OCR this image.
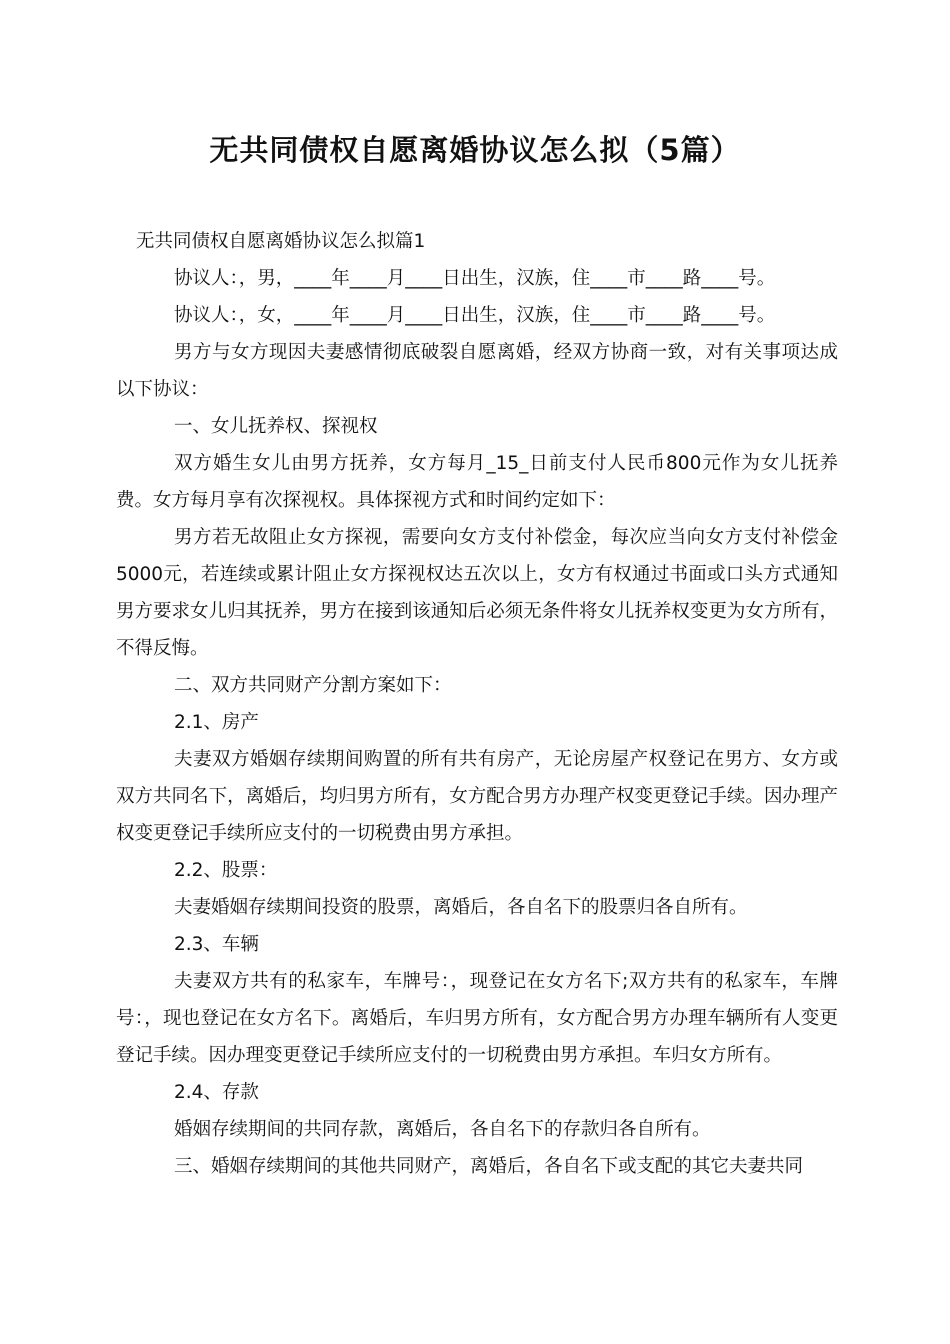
无共同债权自愿离婚协议怎么拟（5篇）

无共同债权自愿离婚协议怎么拟篇1

协议人：，男，____年____月____日出生，汉族，住____市____路____号。

协议人：，女，____年____月____日出生，汉族，住____市____路____号。

男方与女方现因夫妻感情彻底破裂自愿离婚，经双方协商一致，对有关事项达成以下协议：

一、女儿抚养权、探视权

双方婚生女儿由男方抚养，女方每月_15_日前支付人民币800元作为女儿抚养费。女方每月享有次探视权。具体探视方式和时间约定如下：

男方若无故阻止女方探视，需要向女方支付补偿金，每次应当向女方支付补偿金5000元，若连续或累计阻止女方探视权达五次以上，女方有权通过书面或口头方式通知男方要求女儿归其抚养，男方在接到该通知后必须无条件将女儿抚养权变更为女方所有，不得反悔。

二、双方共同财产分割方案如下：

2.1、房产

夫妻双方婚姻存续期间购置的所有共有房产，无论房屋产权登记在男方、女方或双方共同名下，离婚后，均归男方所有，女方配合男方办理产权变更登记手续。因办理产权变更登记手续所应支付的一切税费由男方承担。

2.2、股票：

夫妻婚姻存续期间投资的股票，离婚后，各自名下的股票归各自所有。

2.3、车辆

夫妻双方共有的私家车，车牌号：，现登记在女方名下;双方共有的私家车，车牌号：，现也登记在女方名下。离婚后，车归男方所有，女方配合男方办理车辆所有人变更登记手续。因办理变更登记手续所应支付的一切税费由男方承担。车归女方所有。

2.4、存款

婚姻存续期间的共同存款，离婚后，各自名下的存款归各自所有。

三、婚姻存续期间的其他共同财产，离婚后，各自名下或支配的其它夫妻共同
